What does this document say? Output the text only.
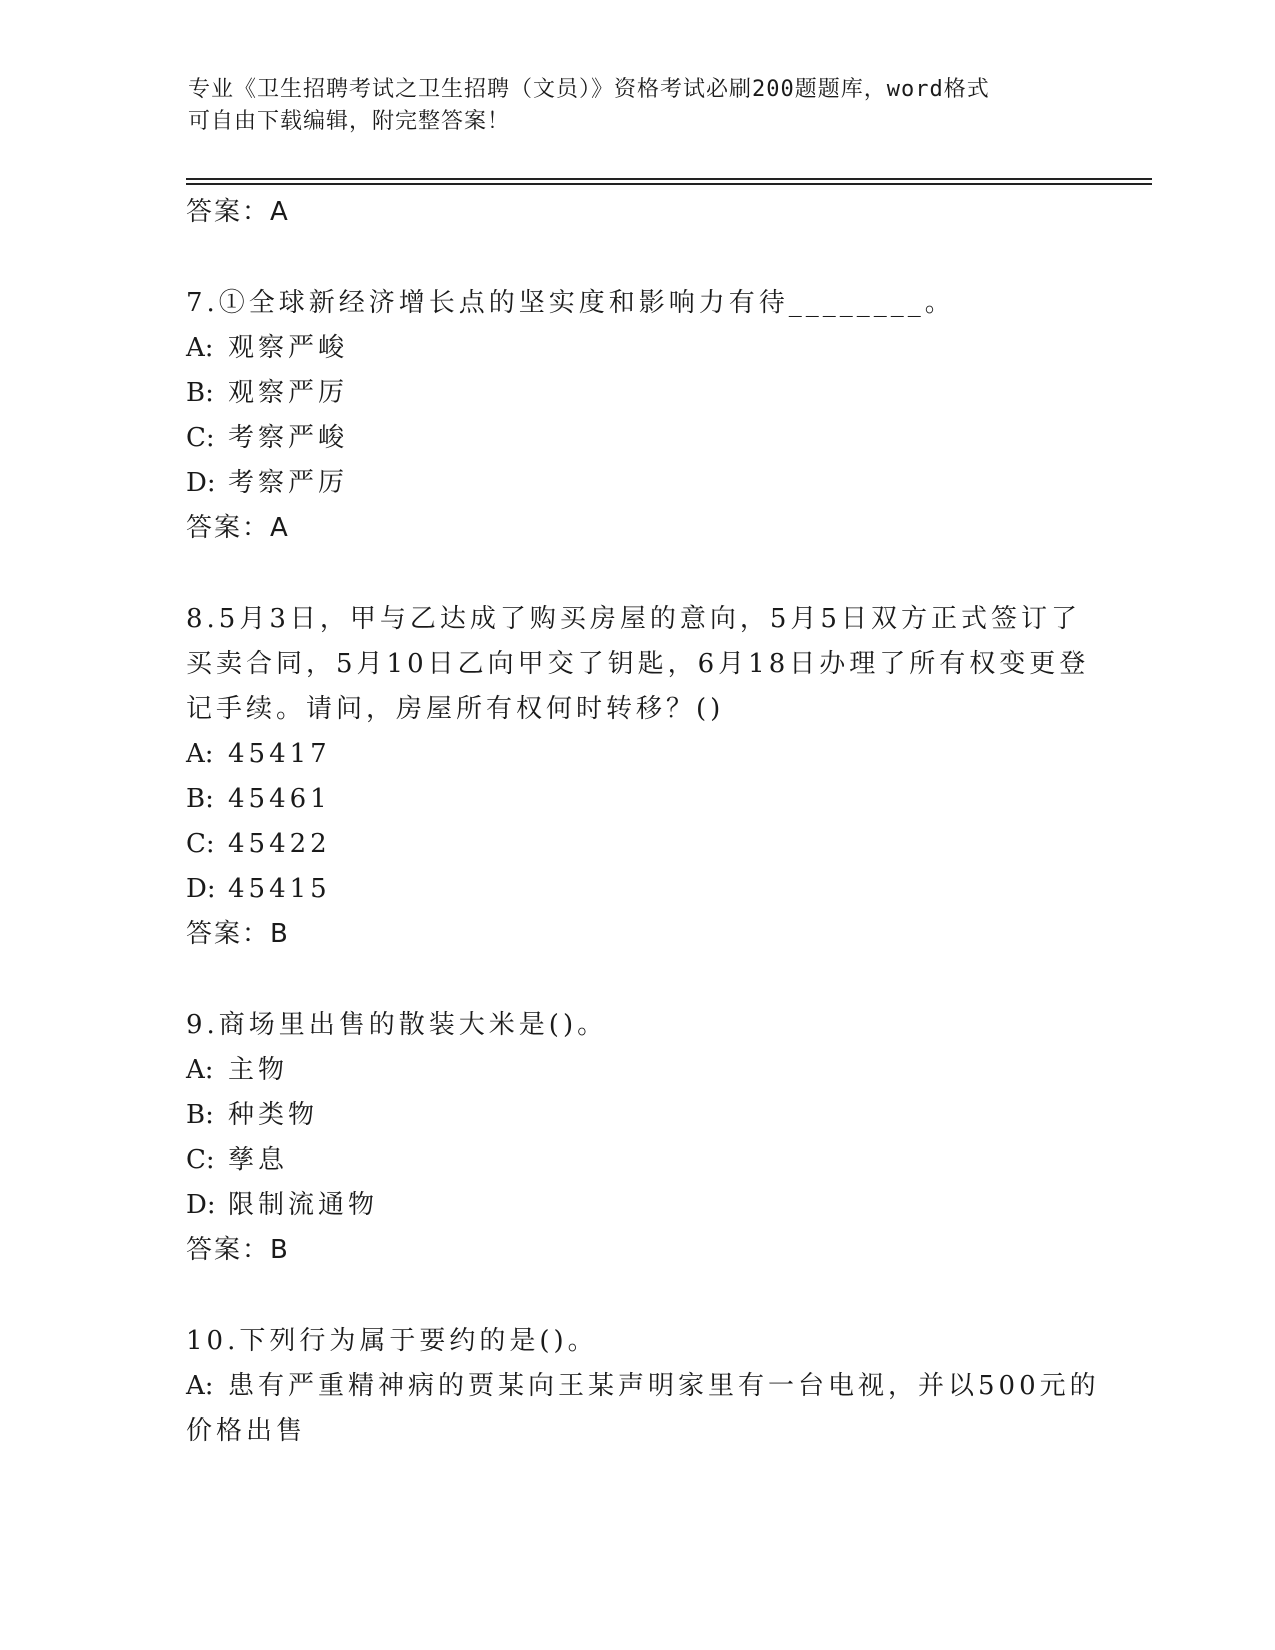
专业《卫生招聘考试之卫生招聘（文员）》资格考试必刷200题题库，word格式
可自由下载编辑，附完整答案！
答案：A
7.①全球新经济增长点的坚实度和影响力有待________。
A: 观察严峻
B: 观察严厉
C: 考察严峻
D: 考察严厉
答案：A
8.5月3日，甲与乙达成了购买房屋的意向，5月5日双方正式签订了
买卖合同，5月10日乙向甲交了钥匙，6月18日办理了所有权变更登
记手续。请问，房屋所有权何时转移？()
A: 45417
B: 45461
C: 45422
D: 45415
答案：B
9.商场里出售的散装大米是()。
A: 主物
B: 种类物
C: 孳息
D: 限制流通物
答案：B
10.下列行为属于要约的是()。
A: 患有严重精神病的贾某向王某声明家里有一台电视，并以500元的
价格出售
